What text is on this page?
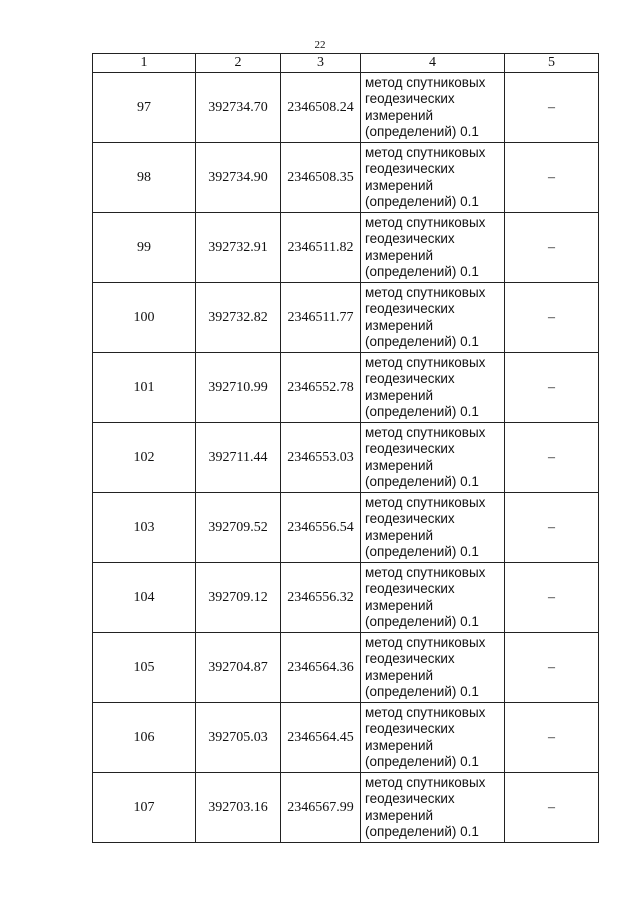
22
1	2	3	4	5
97	392734.70	2346508.24	метод спутниковых
геодезических
измерений
(определений) 0.1	–
98	392734.90	2346508.35	метод спутниковых
геодезических
измерений
(определений) 0.1	–
99	392732.91	2346511.82	метод спутниковых
геодезических
измерений
(определений) 0.1	–
100	392732.82	2346511.77	метод спутниковых
геодезических
измерений
(определений) 0.1	–
101	392710.99	2346552.78	метод спутниковых
геодезических
измерений
(определений) 0.1	–
102	392711.44	2346553.03	метод спутниковых
геодезических
измерений
(определений) 0.1	–
103	392709.52	2346556.54	метод спутниковых
геодезических
измерений
(определений) 0.1	–
104	392709.12	2346556.32	метод спутниковых
геодезических
измерений
(определений) 0.1	–
105	392704.87	2346564.36	метод спутниковых
геодезических
измерений
(определений) 0.1	–
106	392705.03	2346564.45	метод спутниковых
геодезических
измерений
(определений) 0.1	–
107	392703.16	2346567.99	метод спутниковых
геодезических
измерений
(определений) 0.1	–
